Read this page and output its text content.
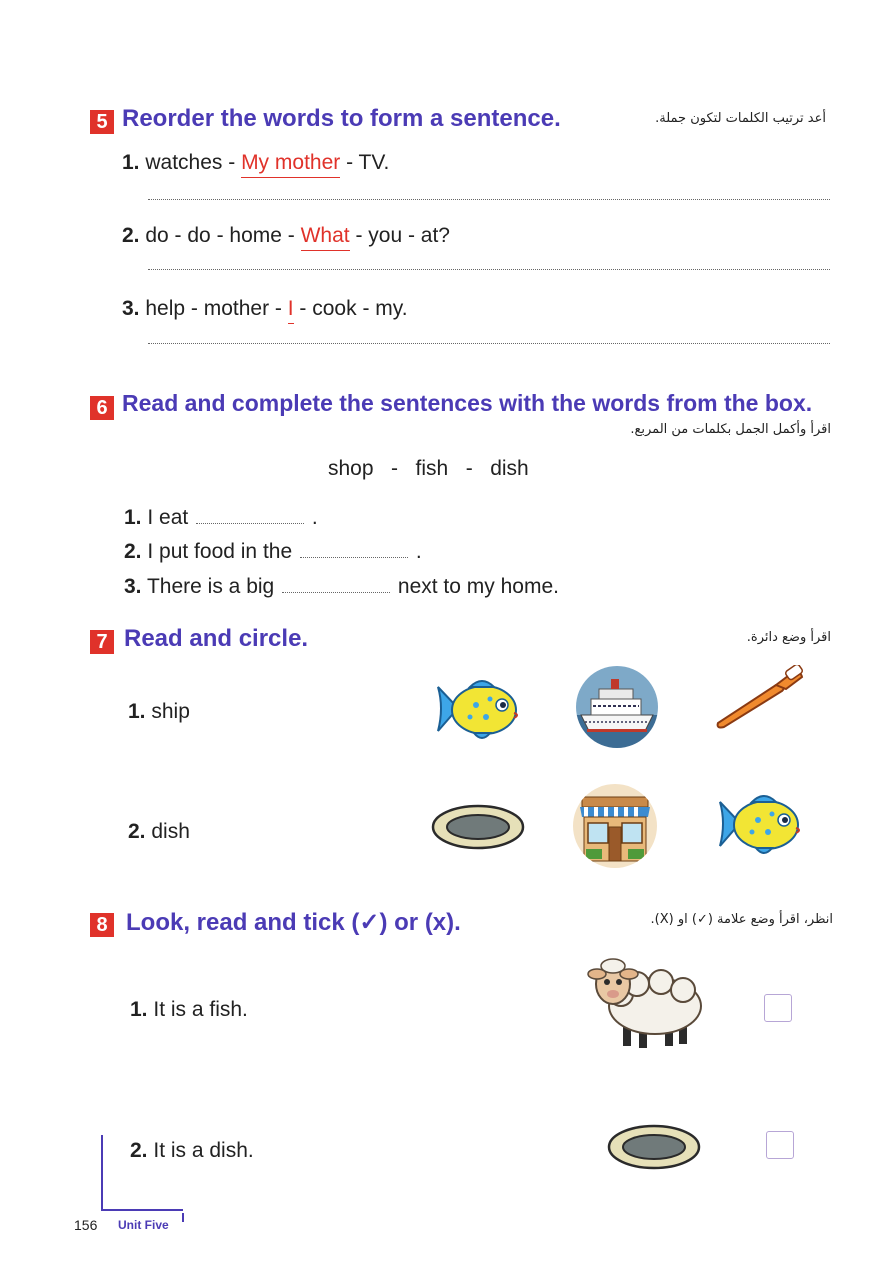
5 Reorder the words to form a sentence.	أعد ترتيب الكلمات لتكون جملة.
1. watches - My mother - TV.
2. do - do - home - What - you - at?
3. help - mother - I - cook - my.
6 Read and complete the sentences with the words from the box.
اقرأ وأكمل الجمل بكلمات من المربع.
shop   -   fish   -   dish
1. I eat	.
2. I put food in the	.
3. There is a big	next to my home.
7 Read and circle.	اقرأ وضع دائرة.
1. ship
2. dish
8 Look, read and tick (✓) or (x).	انظر، اقرأ وضع علامة (✓) او (X).
1. It is a fish.
2. It is a dish.
156 Unit Five
